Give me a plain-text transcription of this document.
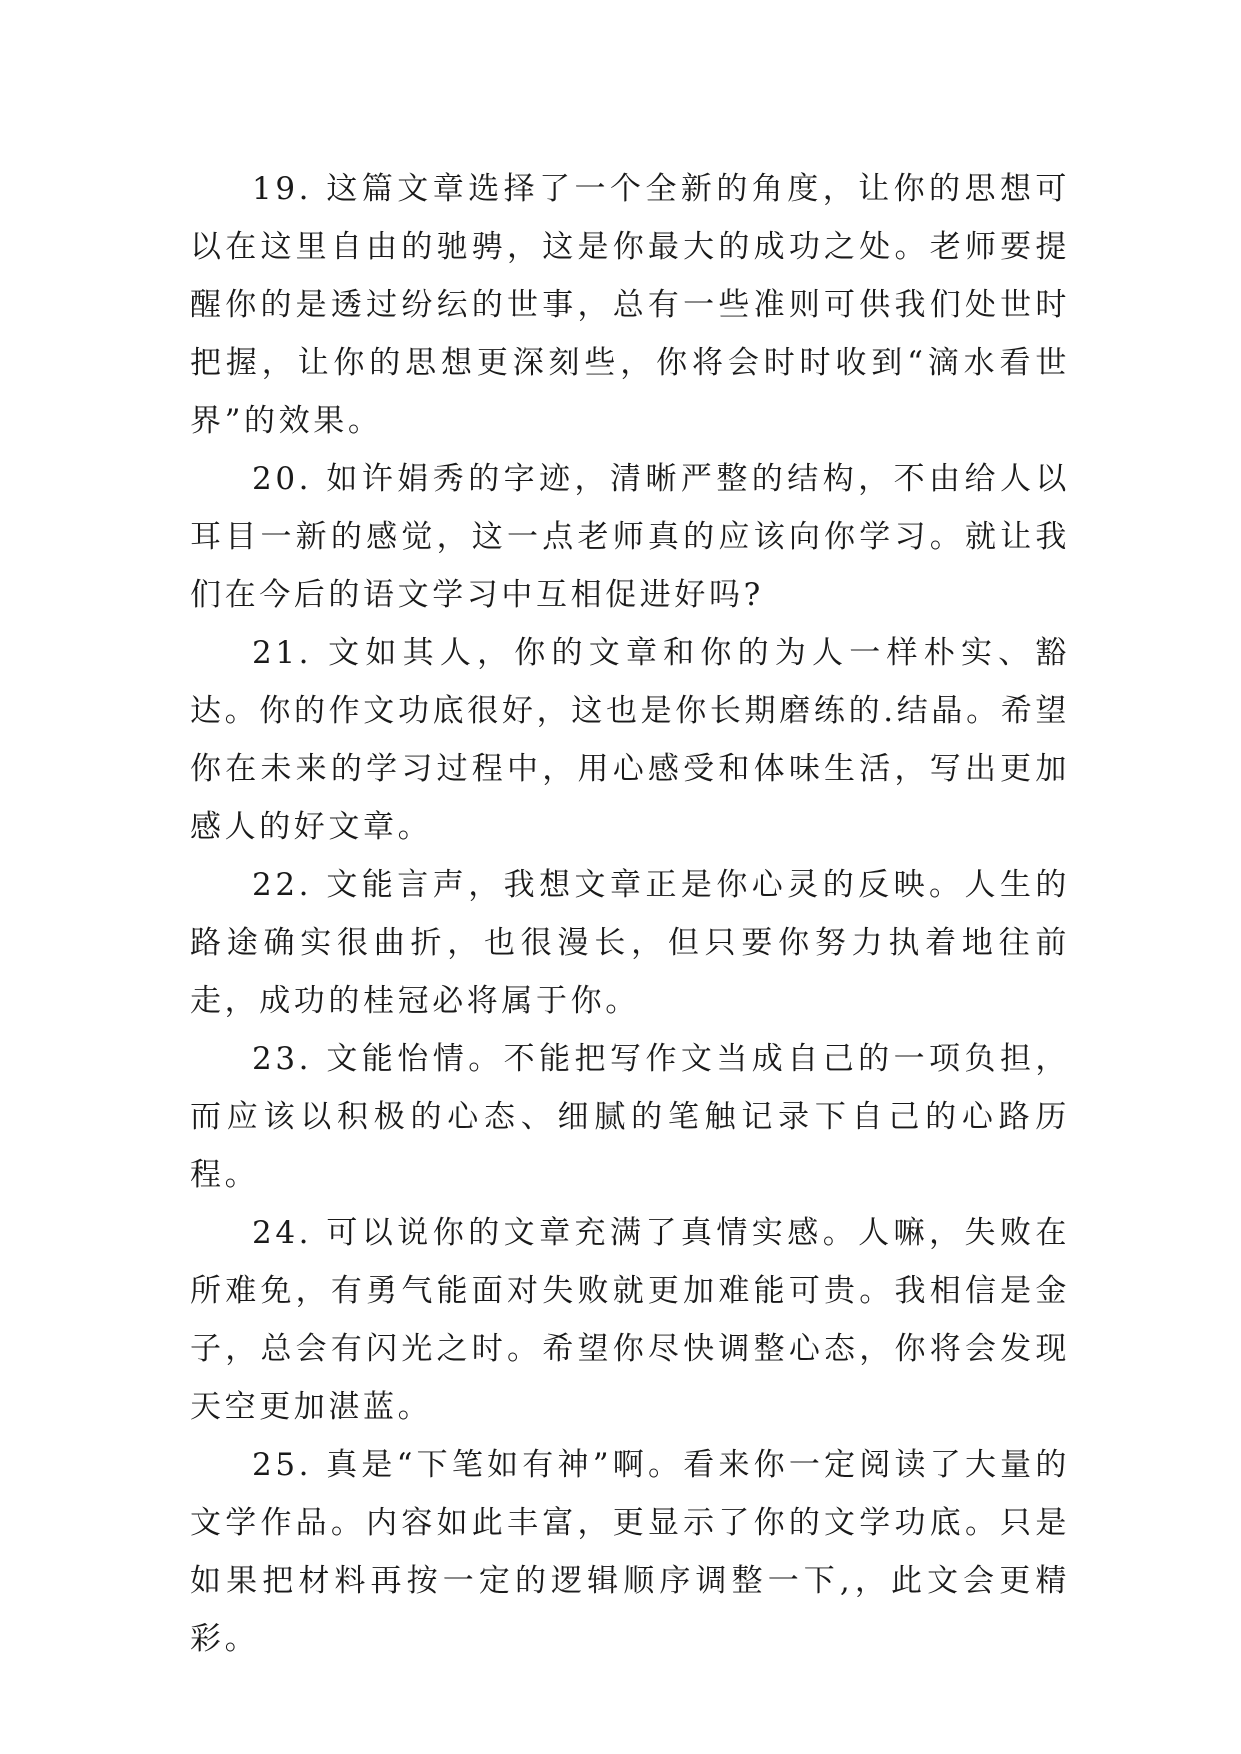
19. 这篇文章选择了一个全新的角度，让你的思想可以在这里自由的驰骋，这是你最大的成功之处。老师要提醒你的是透过纷纭的世事，总有一些准则可供我们处世时把握，让你的思想更深刻些，你将会时时收到“滴水看世界”的效果。

20. 如许娟秀的字迹，清晰严整的结构，不由给人以耳目一新的感觉，这一点老师真的应该向你学习。就让我们在今后的语文学习中互相促进好吗?

21. 文如其人，你的文章和你的为人一样朴实、豁达。你的作文功底很好，这也是你长期磨练的.结晶。希望你在未来的学习过程中，用心感受和体味生活，写出更加感人的好文章。

22. 文能言声，我想文章正是你心灵的反映。人生的路途确实很曲折，也很漫长，但只要你努力执着地往前走，成功的桂冠必将属于你。

23. 文能怡情。不能把写作文当成自己的一项负担，而应该以积极的心态、细腻的笔触记录下自己的心路历程。

24. 可以说你的文章充满了真情实感。人嘛，失败在所难免，有勇气能面对失败就更加难能可贵。我相信是金子，总会有闪光之时。希望你尽快调整心态，你将会发现天空更加湛蓝。

25. 真是“下笔如有神”啊。看来你一定阅读了大量的文学作品。内容如此丰富，更显示了你的文学功底。只是如果把材料再按一定的逻辑顺序调整一下,，此文会更精彩。
